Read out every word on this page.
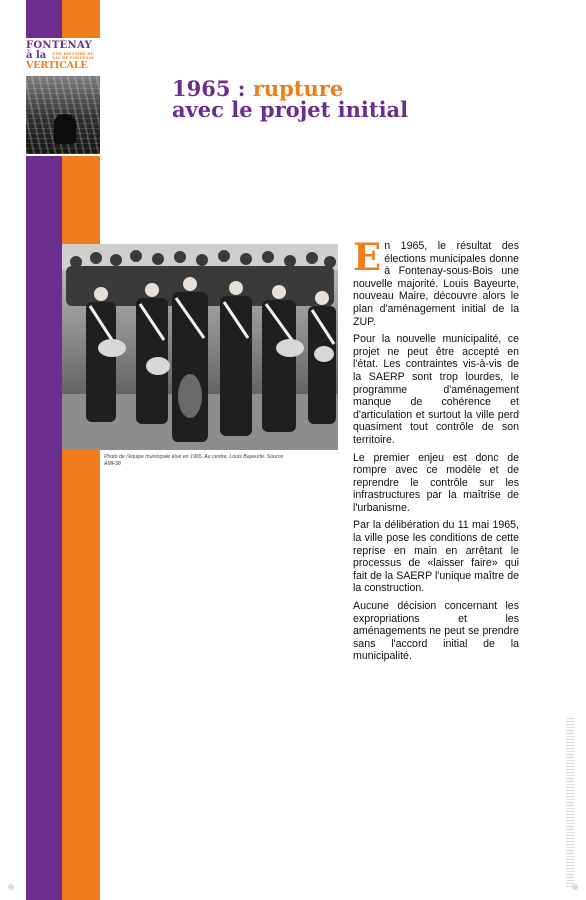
FONTENAY
à la UNE HISTOIRE DU VAL DE FONTENAY
VERTICALE
1965 : rupture
avec le projet initial

Photo de l'équipe municipale élue en 1965. Au centre, Louis Bayeurte. Source AMF38

E n 1965, le résultat des élections municipales donne à Fontenay-sous-Bois une nouvelle majorité. Louis Bayeurte, nouveau Maire, découvre alors le plan d'aménagement initial de la ZUP.

Pour la nouvelle municipalité, ce projet ne peut être accepté en l'état. Les contraintes vis-à-vis de la SAERP sont trop lourdes, le programme d'aménagement manque de cohérence et d'articulation et surtout la ville perd quasiment tout contrôle de son territoire.

Le premier enjeu est donc de rompre avec ce modèle et de reprendre le contrôle sur les infrastructures par la maîtrise de l'urbanisme.

Par la délibération du 11 mai 1965, la ville pose les conditions de cette reprise en main en arrêtant le processus de «laisser faire» qui fait de la SAERP l'unique maître de la construction.

Aucune décision concernant les expropriations et les aménagements ne peut se prendre sans l'accord initial de la municipalité.
